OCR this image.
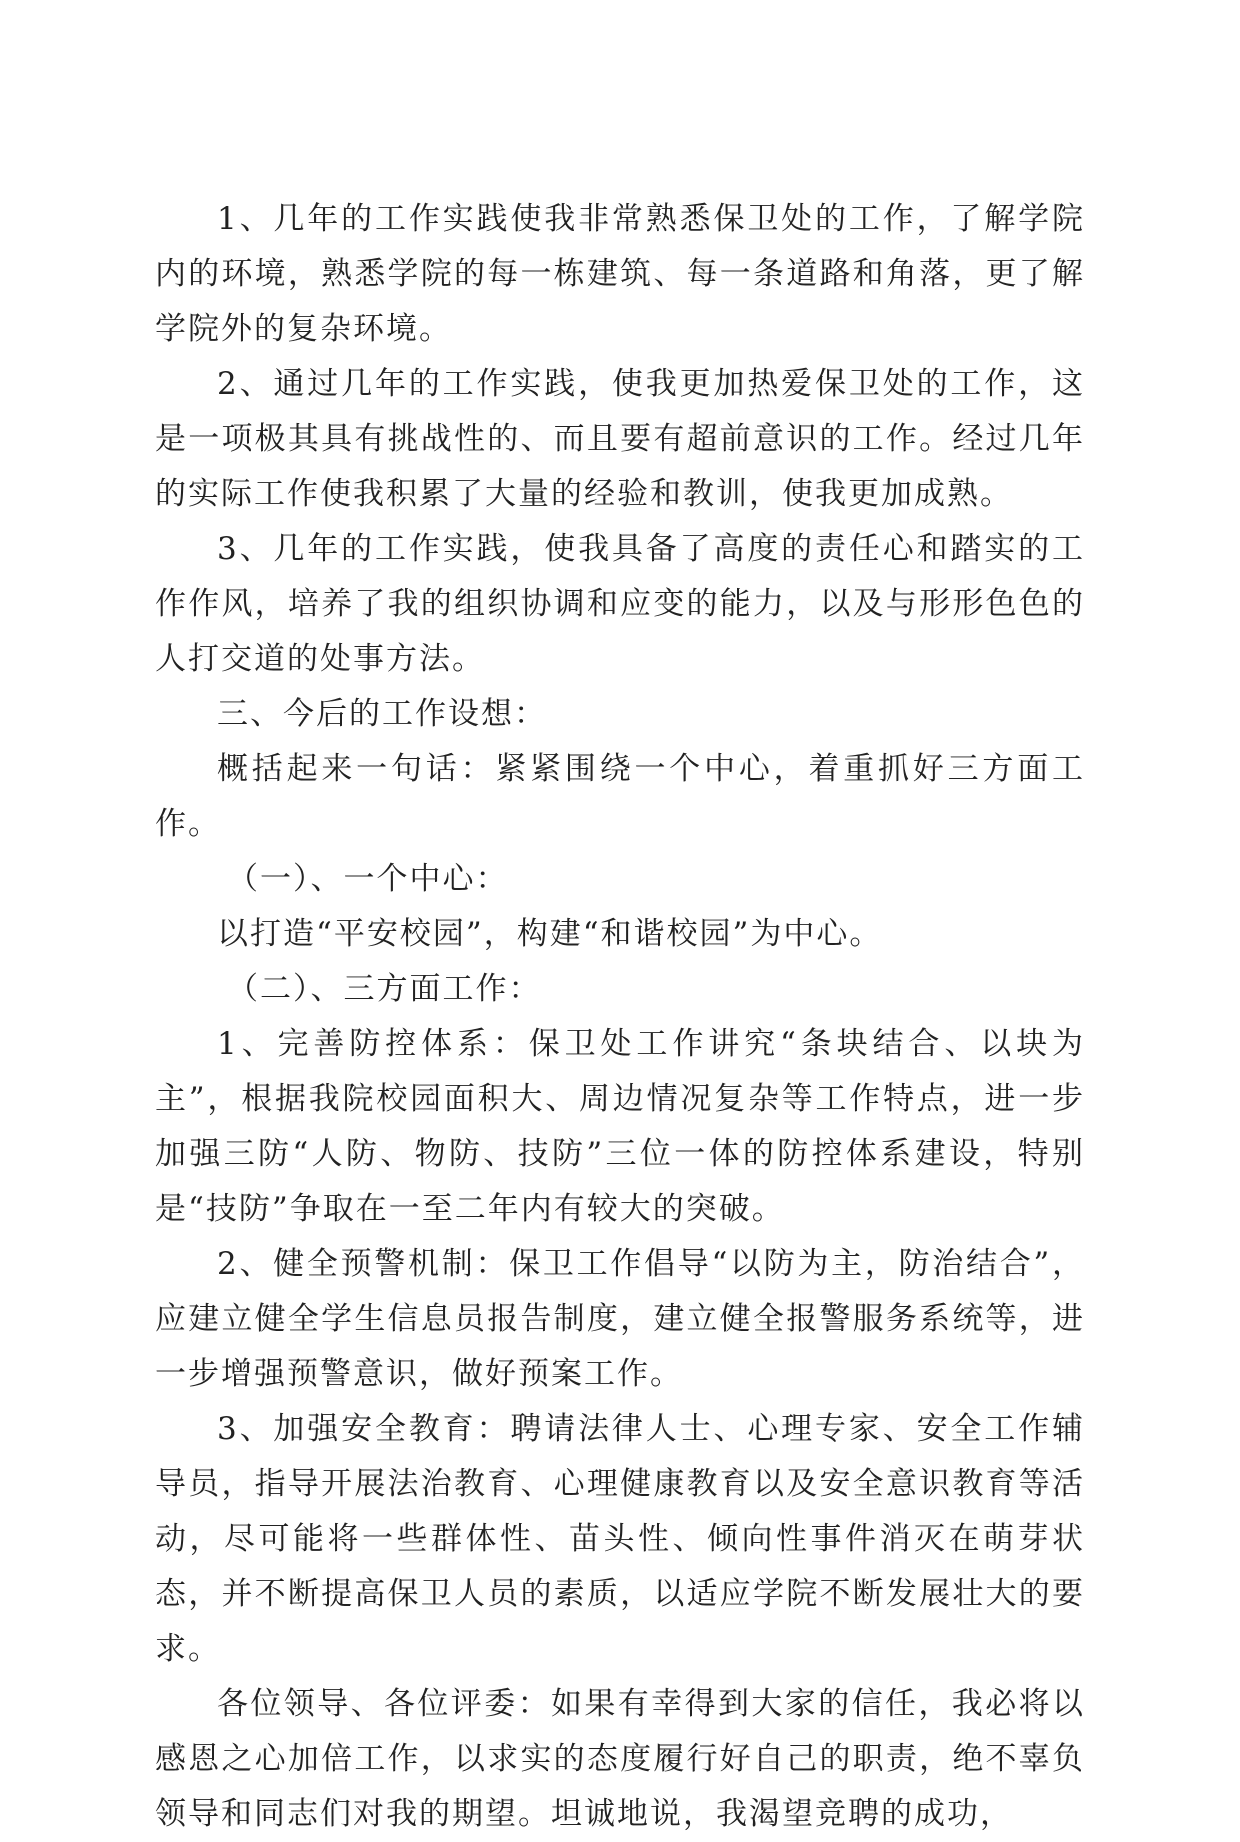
1、几年的工作实践使我非常熟悉保卫处的工作，了解学院内的环境，熟悉学院的每一栋建筑、每一条道路和角落，更了解学院外的复杂环境。

2、通过几年的工作实践，使我更加热爱保卫处的工作，这是一项极其具有挑战性的、而且要有超前意识的工作。经过几年的实际工作使我积累了大量的经验和教训，使我更加成熟。

3、几年的工作实践，使我具备了高度的责任心和踏实的工作作风，培养了我的组织协调和应变的能力，以及与形形色色的人打交道的处事方法。

三、今后的工作设想：

概括起来一句话：紧紧围绕一个中心，着重抓好三方面工作。

（一）、一个中心：

以打造“平安校园”，构建“和谐校园”为中心。

（二）、三方面工作：

1、完善防控体系：保卫处工作讲究“条块结合、以块为主”，根据我院校园面积大、周边情况复杂等工作特点，进一步加强三防“人防、物防、技防”三位一体的防控体系建设，特别是“技防”争取在一至二年内有较大的突破。

2、健全预警机制：保卫工作倡导“以防为主，防治结合”，应建立健全学生信息员报告制度，建立健全报警服务系统等，进一步增强预警意识，做好预案工作。

3、加强安全教育：聘请法律人士、心理专家、安全工作辅导员，指导开展法治教育、心理健康教育以及安全意识教育等活动，尽可能将一些群体性、苗头性、倾向性事件消灭在萌芽状态，并不断提高保卫人员的素质，以适应学院不断发展壮大的要求。

各位领导、各位评委：如果有幸得到大家的信任，我必将以感恩之心加倍工作，以求实的态度履行好自己的职责，绝不辜负领导和同志们对我的期望。坦诚地说，我渴望竞聘的成功，
